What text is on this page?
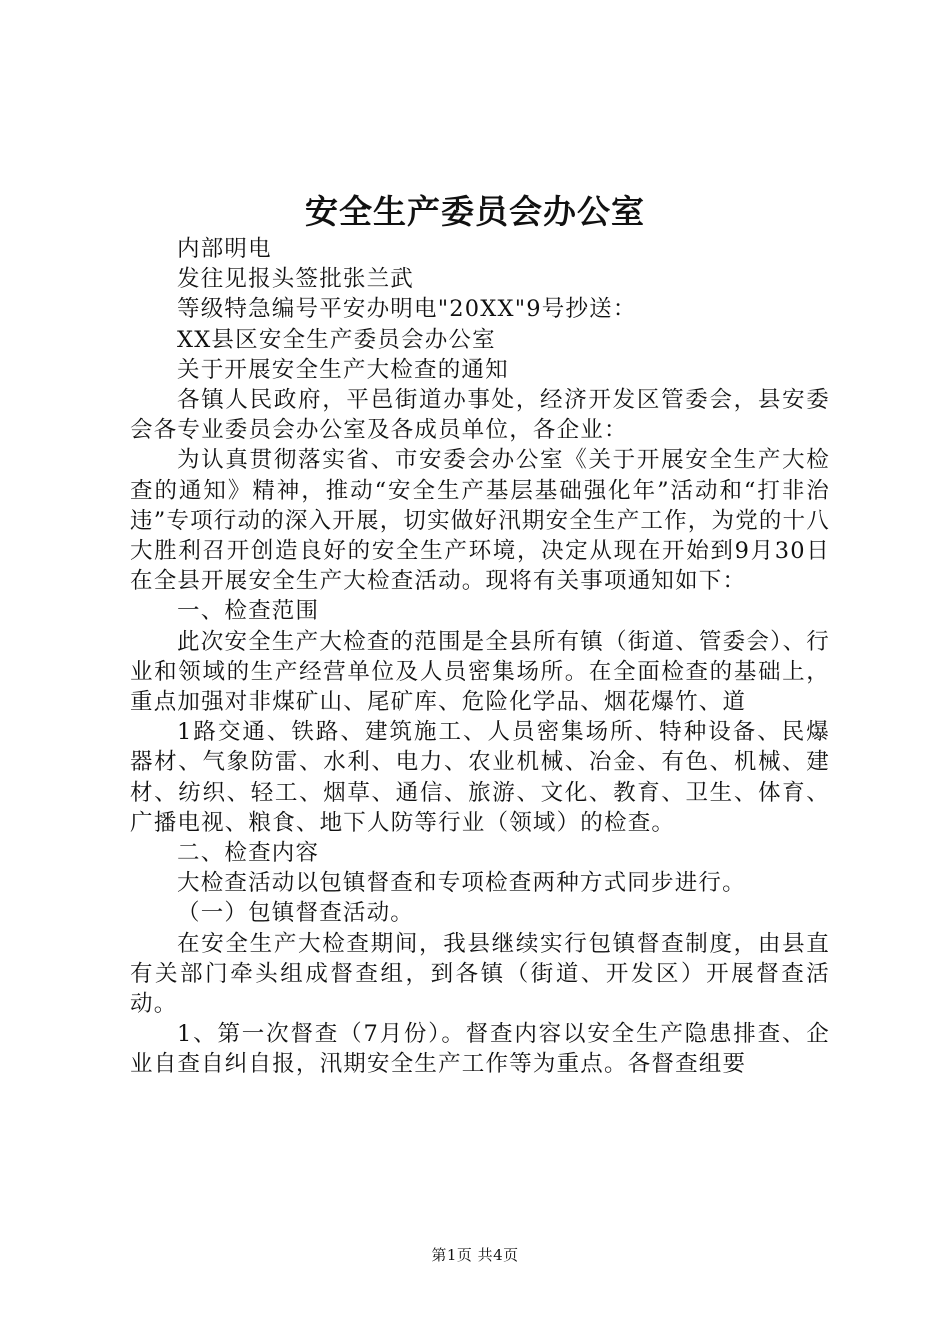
安全生产委员会办公室

内部明电

发往见报头签批张兰武

等级特急编号平安办明电"20XX"9号抄送：

XX县区安全生产委员会办公室

关于开展安全生产大检查的通知

各镇人民政府，平邑街道办事处，经济开发区管委会，县安委会各专业委员会办公室及各成员单位，各企业：

为认真贯彻落实省、市安委会办公室《关于开展安全生产大检查的通知》精神，推动“安全生产基层基础强化年”活动和“打非治违”专项行动的深入开展，切实做好汛期安全生产工作，为党的十八大胜利召开创造良好的安全生产环境，决定从现在开始到9月30日在全县开展安全生产大检查活动。现将有关事项通知如下：

一、检查范围

此次安全生产大检查的范围是全县所有镇（街道、管委会）、行业和领域的生产经营单位及人员密集场所。在全面检查的基础上，重点加强对非煤矿山、尾矿库、危险化学品、烟花爆竹、道

1路交通、铁路、建筑施工、人员密集场所、特种设备、民爆器材、气象防雷、水利、电力、农业机械、冶金、有色、机械、建材、纺织、轻工、烟草、通信、旅游、文化、教育、卫生、体育、广播电视、粮食、地下人防等行业（领域）的检查。

二、检查内容

大检查活动以包镇督查和专项检查两种方式同步进行。

（一）包镇督查活动。

在安全生产大检查期间，我县继续实行包镇督查制度，由县直有关部门牵头组成督查组，到各镇（街道、开发区）开展督查活动。

1、第一次督查（7月份）。督查内容以安全生产隐患排查、企业自查自纠自报，汛期安全生产工作等为重点。各督查组要

第1页 共4页
